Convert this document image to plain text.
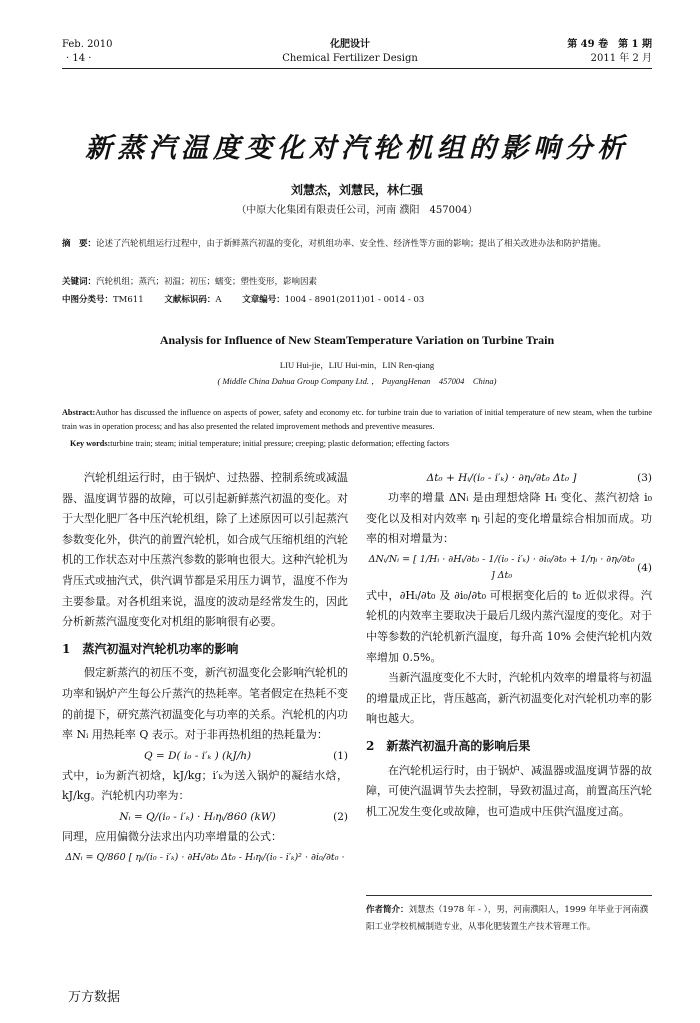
Feb. 2010
· 14 ·
化肥设计
Chemical Fertilizer Design
第 49 卷　第 1 期
2011 年 2 月
新蒸汽温度变化对汽轮机组的影响分析
刘慧杰，刘慧民，林仁强
（中原大化集团有限责任公司，河南 濮阳　457004）
摘　要：论述了汽轮机组运行过程中，由于新鲜蒸汽初温的变化，对机组功率、安全性、经济性等方面的影响；提出了相关改进办法和防护措施。
关键词：汽轮机组；蒸汽；初温；初压；蠕变；塑性变形，影响因素
中图分类号：TM611 文献标识码：A 文章编号：1004 - 8901(2011)01 - 0014 - 03
Analysis for Influence of New SteamTemperature Variation on Turbine Train
LIU Hui-jie，LIU Hui-min，LIN Ren-qiang
( Middle China Dahua Group Company Ltd. ， PuyangHenan　457004　China)
Abstract:Author has discussed the influence on aspects of power, safety and economy etc. for turbine train due to variation of initial temperature of new steam, when the turbine train was in operation process; and has also presented the related improvement methods and preventive measures.
Key words:turbine train; steam; initial temperature; initial pressure; creeping; plastic deformation; effecting factors

汽轮机组运行时，由于锅炉、过热器、控制系统或减温器、温度调节器的故障，可以引起新鲜蒸汽初温的变化。对于大型化肥厂各中压汽轮机组，除了上述原因可以引起蒸汽参数变化外，供汽的前置汽轮机，如合成气压缩机组的汽轮机的工作状态对中压蒸汽参数的影响也很大。这种汽轮机为背压式或抽汽式，供汽调节都是采用压力调节，温度不作为主要参量。对各机组来说，温度的波动是经常发生的，因此分析新蒸汽温度变化对机组的影响很有必要。

1　蒸汽初温对汽轮机功率的影响

假定新蒸汽的初压不变，新汽初温变化会影响汽轮机的功率和锅炉产生每公斤蒸汽的热耗率。笔者假定在热耗不变的前提下，研究蒸汽初温变化与功率的关系。汽轮机的内功率 Nᵢ 用热耗率 Q 表示。对于非再热机组的热耗量为：

Q = D( i₀ - i′ₖ ) (kJ/h)	(1)

式中，i₀为新汽初焓，kJ/kg；i′ₖ为送入锅炉的凝结水焓，kJ/kg。汽轮机内功率为：

Nᵢ = Q/(i₀ - i′ₖ) · Hᵢηᵢ/860 (kW)	(2)

同理，应用偏微分法求出内功率增量的公式：

ΔNᵢ = Q/860 [ ηᵢ/(i₀ - i′ₖ) · ∂Hᵢ/∂t₀ Δt₀ - Hᵢηᵢ/(i₀ - i′ₖ)² · ∂i₀/∂t₀ ·
Δt₀ + Hᵢ/(i₀ - i′ₖ) · ∂ηᵢ/∂t₀ Δt₀ ]	(3)

功率的增量 ΔNᵢ 是由理想焓降 Hᵢ 变化、蒸汽初焓 i₀ 变化以及相对内效率 ηᵢ 引起的变化增量综合相加而成。功率的相对增量为：

ΔNᵢ/Nᵢ = [ 1/Hᵢ · ∂Hᵢ/∂t₀ - 1/(i₀ - i′ₖ) · ∂i₀/∂t₀ + 1/ηᵢ · ∂ηᵢ/∂t₀ ] Δt₀
(4)

式中，∂Hᵢ/∂t₀ 及 ∂i₀/∂t₀ 可根据变化后的 t₀ 近似求得。汽轮机的内效率主要取决于最后几级内蒸汽湿度的变化。对于中等参数的汽轮机新汽温度，每升高 10% 会使汽轮机内效率增加 0.5%。

当新汽温度变化不大时，汽轮机内效率的增量将与初温的增量成正比，背压越高，新汽初温变化对汽轮机功率的影响也越大。

2　新蒸汽初温升高的影响后果

在汽轮机运行时，由于锅炉、减温器或温度调节器的故障，可使汽温调节失去控制，导致初温过高，前置高压汽轮机工况发生变化或故障，也可造成中压供汽温度过高。

作者简介：刘慧杰（1978 年 - ），男，河南濮阳人，1999 年毕业于河南濮阳工业学校机械制造专业，从事化肥装置生产技术管理工作。
万方数据
